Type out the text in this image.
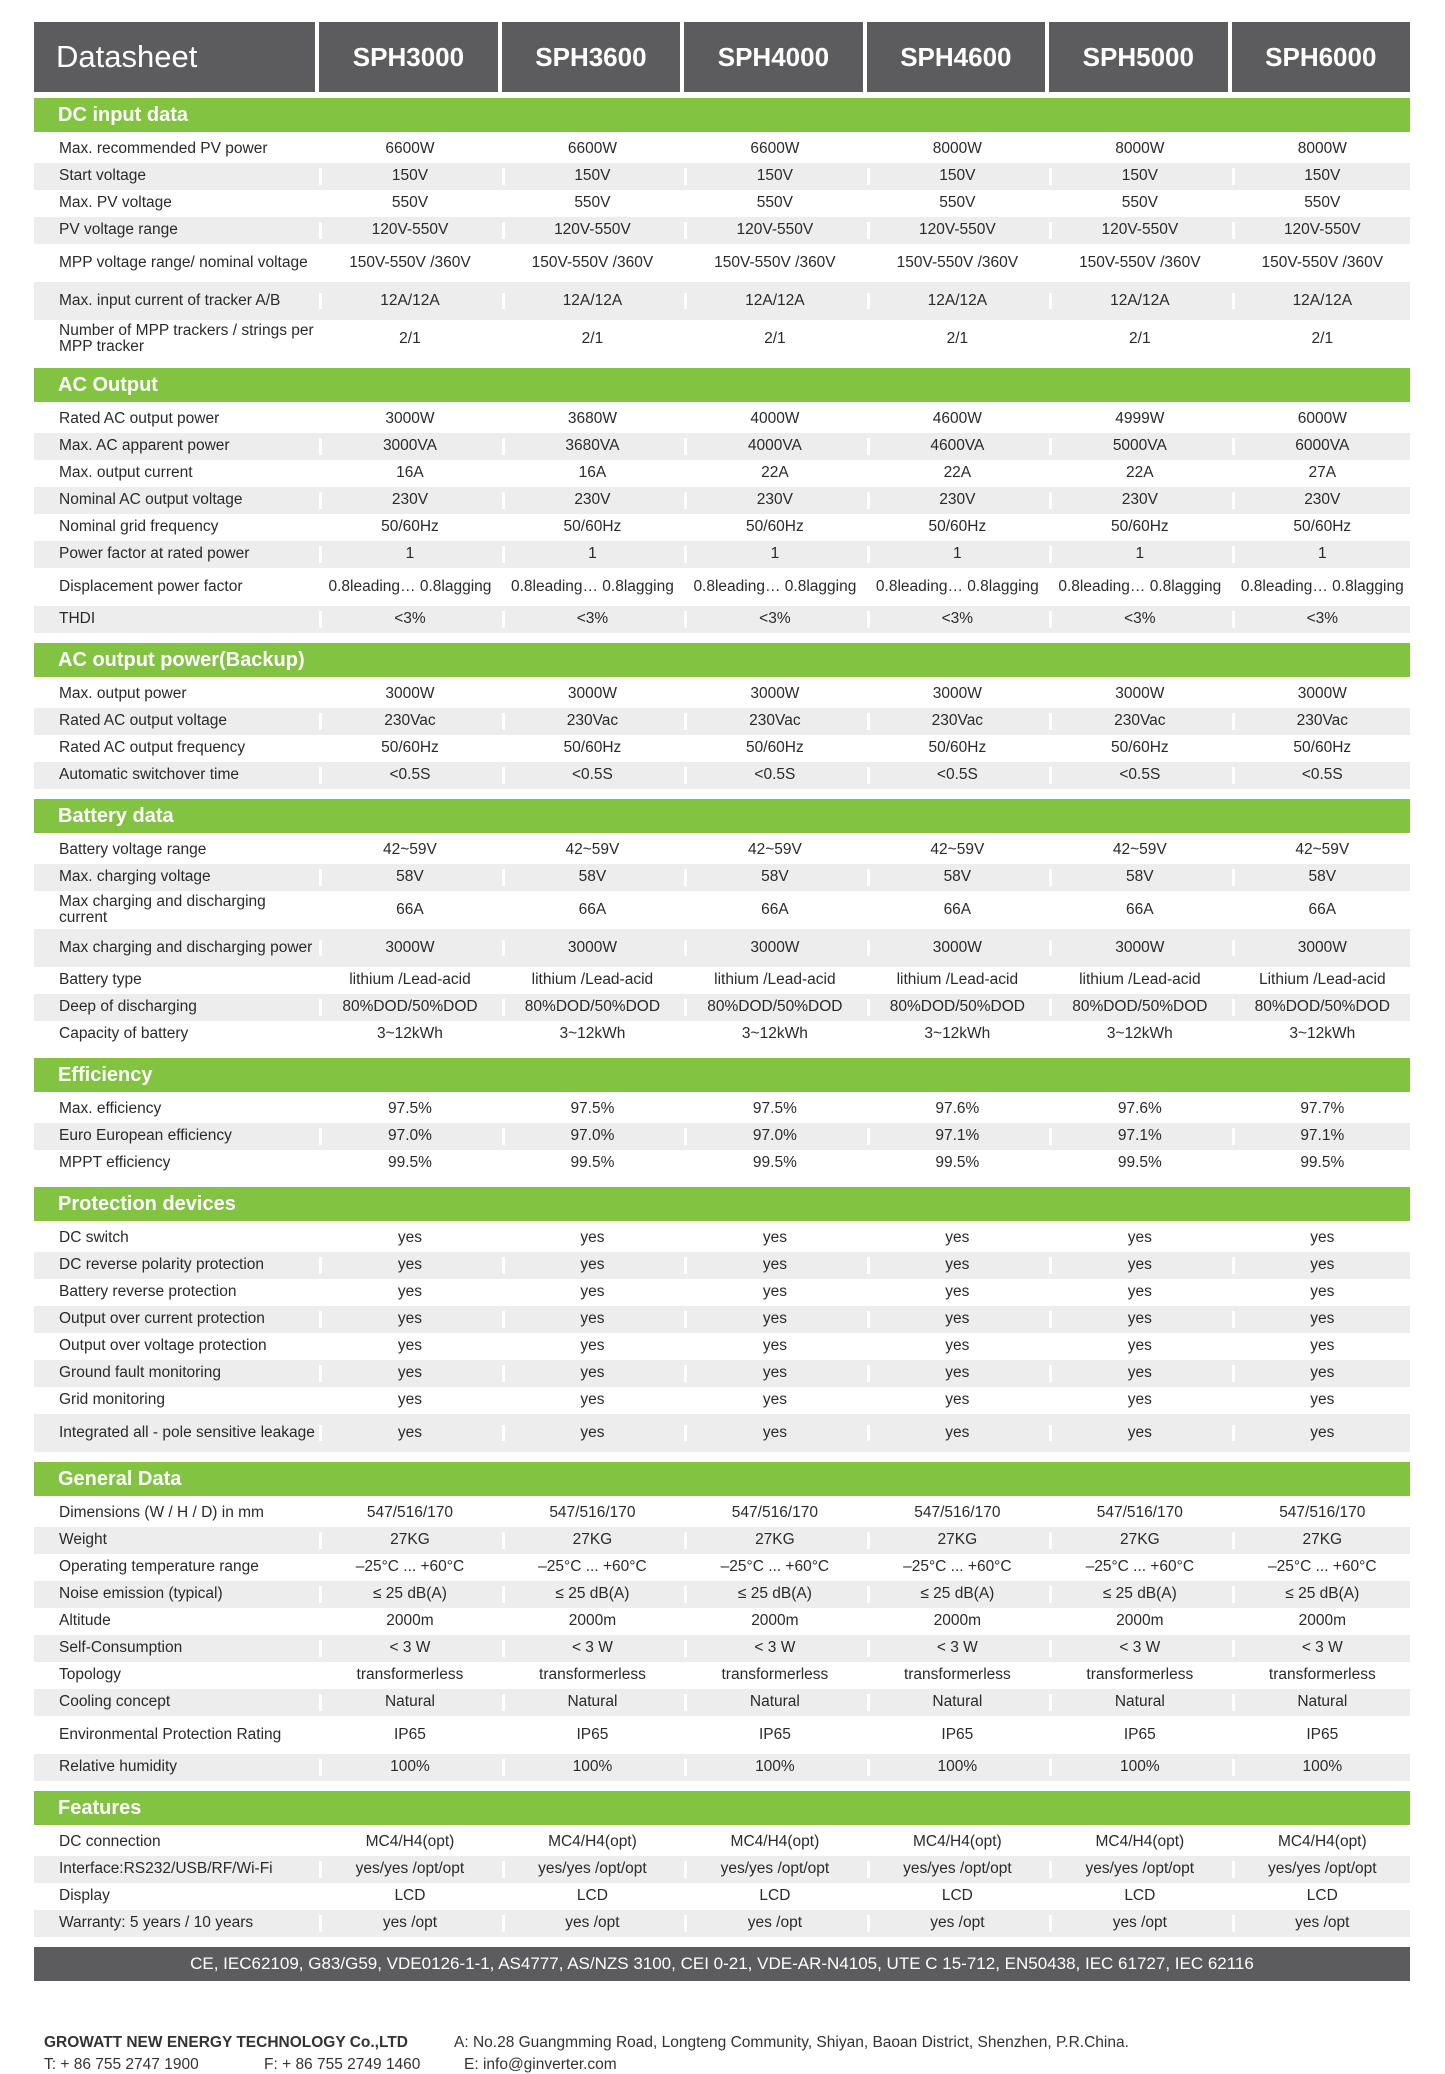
Datasheet	SPH3000	SPH3600	SPH4000	SPH4600	SPH5000	SPH6000
DC input data
Max. recommended PV power	6600W	6600W	6600W	8000W	8000W	8000W
Start voltage	150V	150V	150V	150V	150V	150V
Max. PV voltage	550V	550V	550V	550V	550V	550V
PV voltage range	120V-550V	120V-550V	120V-550V	120V-550V	120V-550V	120V-550V
MPP voltage range/ nominal voltage	150V-550V /360V	150V-550V /360V	150V-550V /360V	150V-550V /360V	150V-550V /360V	150V-550V /360V
Max. input current of tracker A/B	12A/12A	12A/12A	12A/12A	12A/12A	12A/12A	12A/12A
Number of MPP trackers / strings per MPP tracker	2/1	2/1	2/1	2/1	2/1	2/1
AC Output
Rated AC output power	3000W	3680W	4000W	4600W	4999W	6000W
Max. AC apparent power	3000VA	3680VA	4000VA	4600VA	5000VA	6000VA
Max. output current	16A	16A	22A	22A	22A	27A
Nominal AC output voltage	230V	230V	230V	230V	230V	230V
Nominal grid frequency	50/60Hz	50/60Hz	50/60Hz	50/60Hz	50/60Hz	50/60Hz
Power factor at rated power	1	1	1	1	1	1
Displacement power factor	0.8leading… 0.8lagging	0.8leading… 0.8lagging	0.8leading… 0.8lagging	0.8leading… 0.8lagging	0.8leading… 0.8lagging	0.8leading… 0.8lagging
THDI	<3%	<3%	<3%	<3%	<3%	<3%
AC output power(Backup)
Max. output power	3000W	3000W	3000W	3000W	3000W	3000W
Rated AC output voltage	230Vac	230Vac	230Vac	230Vac	230Vac	230Vac
Rated AC output frequency	50/60Hz	50/60Hz	50/60Hz	50/60Hz	50/60Hz	50/60Hz
Automatic switchover time	<0.5S	<0.5S	<0.5S	<0.5S	<0.5S	<0.5S
Battery data
Battery voltage range	42~59V	42~59V	42~59V	42~59V	42~59V	42~59V
Max. charging voltage	58V	58V	58V	58V	58V	58V
Max charging and discharging current	66A	66A	66A	66A	66A	66A
Max charging and discharging power	3000W	3000W	3000W	3000W	3000W	3000W
Battery type	lithium /Lead-acid	lithium /Lead-acid	lithium /Lead-acid	lithium /Lead-acid	lithium /Lead-acid	Lithium /Lead-acid
Deep of discharging	80%DOD/50%DOD	80%DOD/50%DOD	80%DOD/50%DOD	80%DOD/50%DOD	80%DOD/50%DOD	80%DOD/50%DOD
Capacity of battery	3~12kWh	3~12kWh	3~12kWh	3~12kWh	3~12kWh	3~12kWh
Efficiency
Max. efficiency	97.5%	97.5%	97.5%	97.6%	97.6%	97.7%
Euro European efficiency	97.0%	97.0%	97.0%	97.1%	97.1%	97.1%
MPPT efficiency	99.5%	99.5%	99.5%	99.5%	99.5%	99.5%
Protection devices
DC switch	yes	yes	yes	yes	yes	yes
DC reverse polarity protection	yes	yes	yes	yes	yes	yes
Battery reverse protection	yes	yes	yes	yes	yes	yes
Output over current protection	yes	yes	yes	yes	yes	yes
Output over voltage protection	yes	yes	yes	yes	yes	yes
Ground fault monitoring	yes	yes	yes	yes	yes	yes
Grid monitoring	yes	yes	yes	yes	yes	yes
Integrated all - pole sensitive leakage	yes	yes	yes	yes	yes	yes
General Data
Dimensions (W / H / D) in mm	547/516/170	547/516/170	547/516/170	547/516/170	547/516/170	547/516/170
Weight	27KG	27KG	27KG	27KG	27KG	27KG
Operating temperature range	–25°C ... +60°C	–25°C ... +60°C	–25°C ... +60°C	–25°C ... +60°C	–25°C ... +60°C	–25°C ... +60°C
Noise emission (typical)	≤ 25 dB(A)	≤ 25 dB(A)	≤ 25 dB(A)	≤ 25 dB(A)	≤ 25 dB(A)	≤ 25 dB(A)
Altitude	2000m	2000m	2000m	2000m	2000m	2000m
Self-Consumption	< 3 W	< 3 W	< 3 W	< 3 W	< 3 W	< 3 W
Topology	transformerless	transformerless	transformerless	transformerless	transformerless	transformerless
Cooling concept	Natural	Natural	Natural	Natural	Natural	Natural
Environmental Protection Rating	IP65	IP65	IP65	IP65	IP65	IP65
Relative humidity	100%	100%	100%	100%	100%	100%
Features
DC connection	MC4/H4(opt)	MC4/H4(opt)	MC4/H4(opt)	MC4/H4(opt)	MC4/H4(opt)	MC4/H4(opt)
Interface:RS232/USB/RF/Wi-Fi	yes/yes /opt/opt	yes/yes /opt/opt	yes/yes /opt/opt	yes/yes /opt/opt	yes/yes /opt/opt	yes/yes /opt/opt
Display	LCD	LCD	LCD	LCD	LCD	LCD
Warranty: 5 years / 10 years	yes /opt	yes /opt	yes /opt	yes /opt	yes /opt	yes /opt
CE, IEC62109, G83/G59, VDE0126-1-1, AS4777, AS/NZS 3100, CEI 0-21, VDE-AR-N4105, UTE C 15-712, EN50438, IEC 61727, IEC 62116
GROWATT NEW ENERGY TECHNOLOGY Co.,LTD	A: No.28 Guangmming Road, Longteng Community, Shiyan, Baoan District, Shenzhen, P.R.China.
T: + 86 755 2747 1900	F: + 86 755 2749 1460	E: info@ginverter.com
